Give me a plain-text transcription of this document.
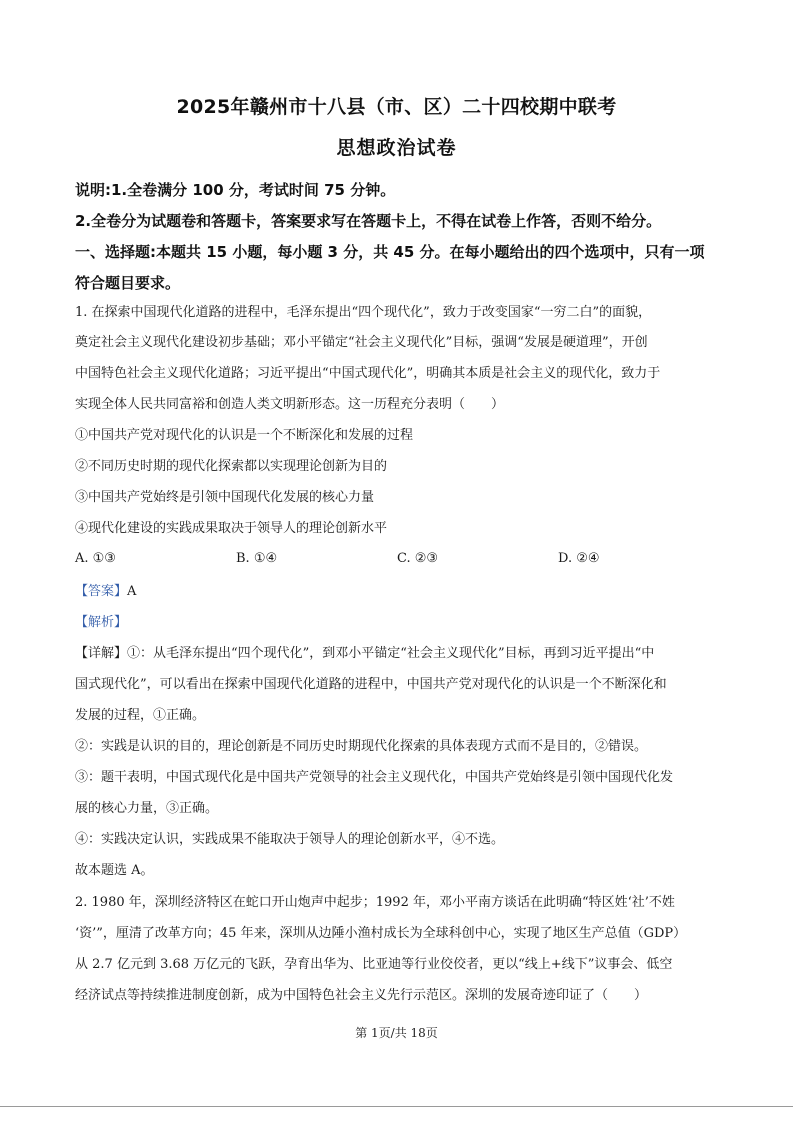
2025年赣州市十八县（市、区）二十四校期中联考
思想政治试卷
说明:1.全卷满分 100 分，考试时间 75 分钟。
2.全卷分为试题卷和答题卡，答案要求写在答题卡上，不得在试卷上作答，否则不给分。
一、选择题:本题共 15 小题，每小题 3 分，共 45 分。在每小题给出的四个选项中，只有一项
符合题目要求。
1. 在探索中国现代化道路的进程中，毛泽东提出“四个现代化”，致力于改变国家“一穷二白”的面貌，
奠定社会主义现代化建设初步基础；邓小平锚定“社会主义现代化”目标，强调“发展是硬道理”，开创
中国特色社会主义现代化道路；习近平提出“中国式现代化”，明确其本质是社会主义的现代化，致力于
实现全体人民共同富裕和创造人类文明新形态。这一历程充分表明（　　）
①中国共产党对现代化的认识是一个不断深化和发展的过程
②不同历史时期的现代化探索都以实现理论创新为目的
③中国共产党始终是引领中国现代化发展的核心力量
④现代化建设的实践成果取决于领导人的理论创新水平
A. ①③	B. ①④	C. ②③	D. ②④
【答案】A
【解析】
【详解】①：从毛泽东提出“四个现代化”，到邓小平锚定“社会主义现代化”目标，再到习近平提出“中
国式现代化”，可以看出在探索中国现代化道路的进程中，中国共产党对现代化的认识是一个不断深化和
发展的过程，①正确。
②：实践是认识的目的，理论创新是不同历史时期现代化探索的具体表现方式而不是目的，②错误。
③：题干表明，中国式现代化是中国共产党领导的社会主义现代化，中国共产党始终是引领中国现代化发
展的核心力量，③正确。
④：实践决定认识，实践成果不能取决于领导人的理论创新水平，④不选。
故本题选 A。
2. 1980 年，深圳经济特区在蛇口开山炮声中起步；1992 年，邓小平南方谈话在此明确“特区姓‘社’不姓
‘资’”，厘清了改革方向；45 年来，深圳从边陲小渔村成长为全球科创中心，实现了地区生产总值（GDP）
从 2.7 亿元到 3.68 万亿元的飞跃，孕育出华为、比亚迪等行业佼佼者，更以“线上+线下”议事会、低空
经济试点等持续推进制度创新，成为中国特色社会主义先行示范区。深圳的发展奇迹印证了（　　）
第 1页/共 18页
